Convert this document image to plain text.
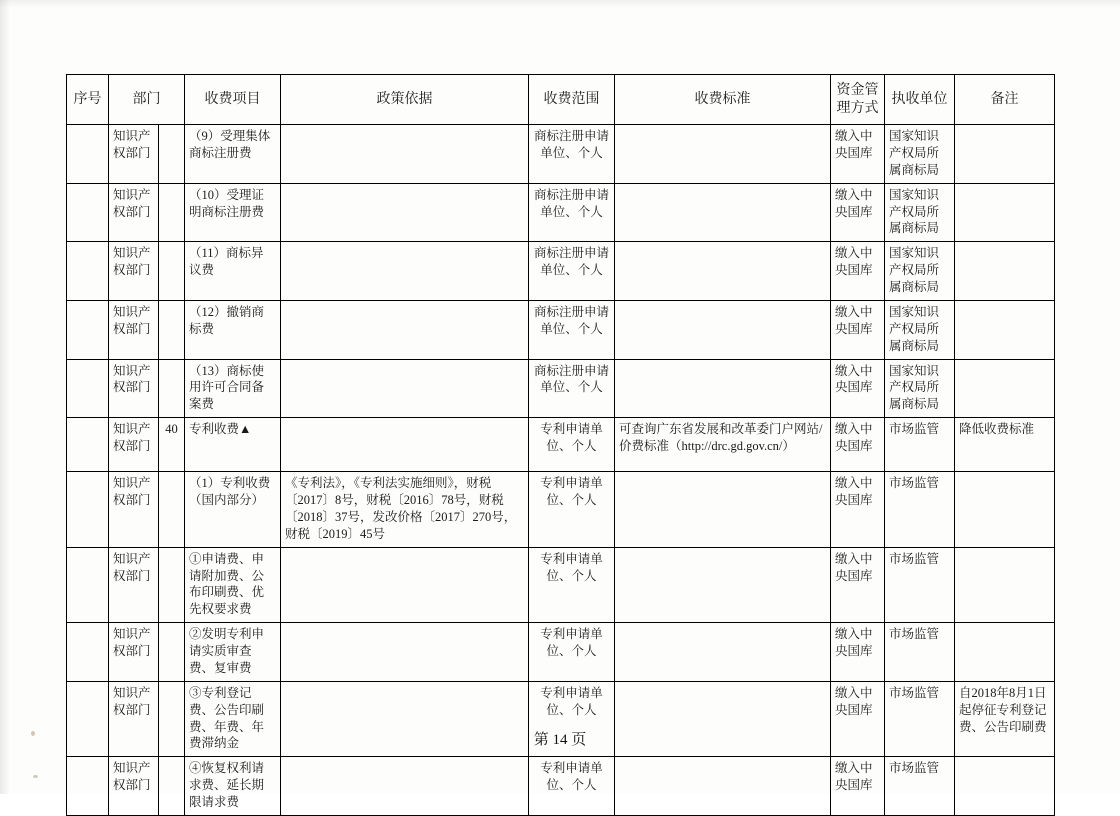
序号	部门		收费项目	政策依据	收费范围	收费标准	资金管理方式	执收单位	备注
	知识产权部门		（9）受理集体商标注册费		商标注册申请单位、个人		缴入中央国库	国家知识产权局所属商标局	
	知识产权部门		（10）受理证明商标注册费		商标注册申请单位、个人		缴入中央国库	国家知识产权局所属商标局	
	知识产权部门		（11）商标异议费		商标注册申请单位、个人		缴入中央国库	国家知识产权局所属商标局	
	知识产权部门		（12）撤销商标费		商标注册申请单位、个人		缴入中央国库	国家知识产权局所属商标局	
	知识产权部门		（13）商标使用许可合同备案费		商标注册申请单位、个人		缴入中央国库	国家知识产权局所属商标局	
	知识产权部门	40	专利收费▲		专利申请单位、个人	可查询广东省发展和改革委门户网站/价费标准（http://drc.gd.gov.cn/）	缴入中央国库	市场监管	降低收费标准
	知识产权部门		（1）专利收费（国内部分）	《专利法》，《专利法实施细则》，财税〔2017〕8号，财税〔2016〕78号，财税〔2018〕37号，发改价格〔2017〕270号，财税〔2019〕45号	专利申请单位、个人		缴入中央国库	市场监管	
	知识产权部门		①申请费、申请附加费、公布印刷费、优先权要求费		专利申请单位、个人		缴入中央国库	市场监管	
	知识产权部门		②发明专利申请实质审查费、复审费		专利申请单位、个人		缴入中央国库	市场监管	
	知识产权部门		③专利登记费、公告印刷费、年费、年费滞纳金		专利申请单位、个人		缴入中央国库	市场监管	自2018年8月1日起停征专利登记费、公告印刷费
	知识产权部门		④恢复权利请求费、延长期限请求费		专利申请单位、个人		缴入中央国库	市场监管	
第 14 页
